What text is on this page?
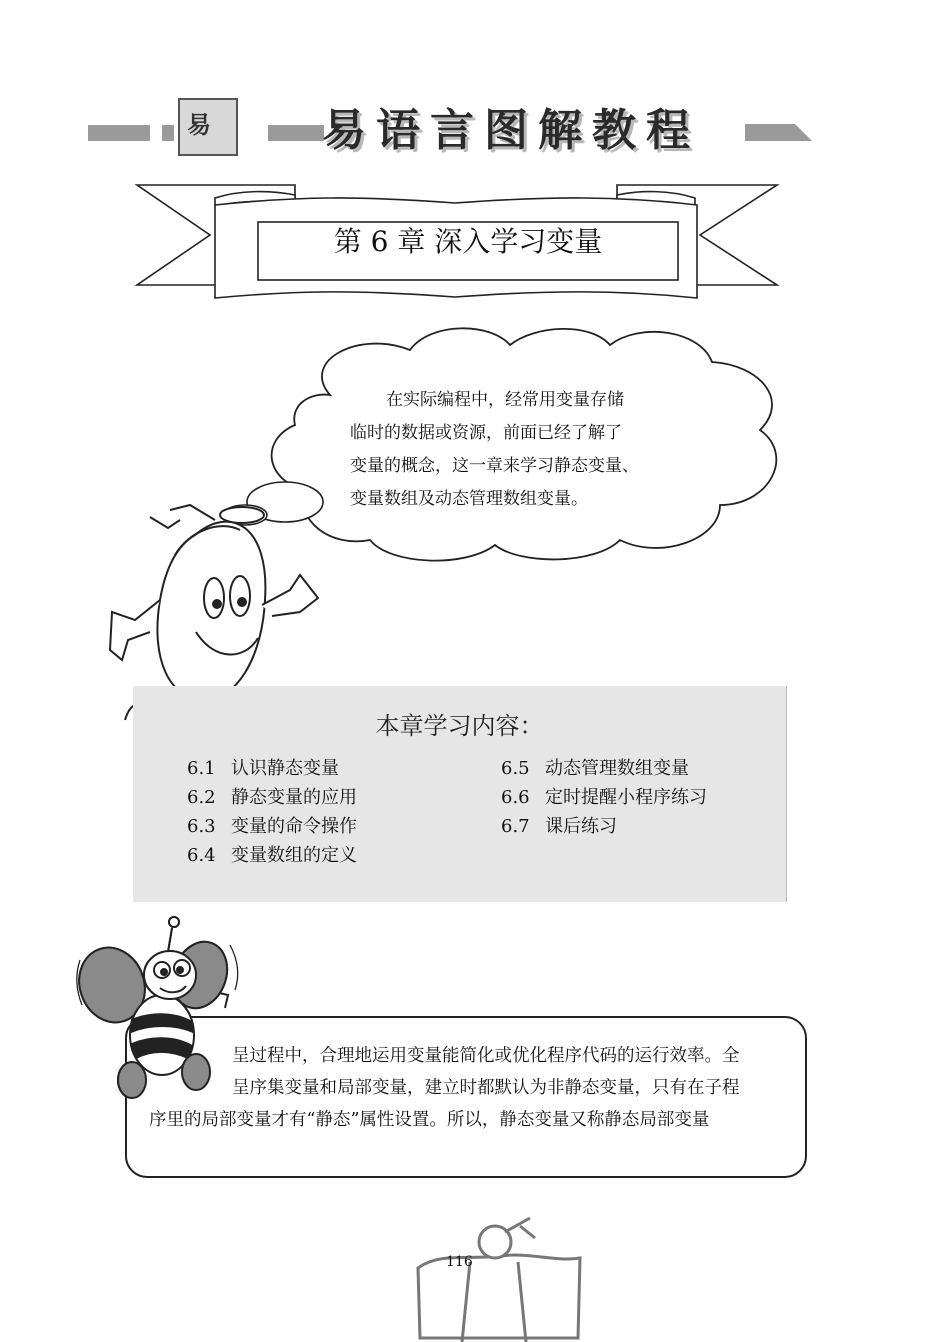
易	易语言图解教程
第 6 章 深入学习变量

在实际编程中，经常用变量存储

临时的数据或资源，前面已经了解了

变量的概念，这一章来学习静态变量、

变量数组及动态管理数组变量。

本章学习内容：
6.1 认识静态变量
6.2 静态变量的应用
6.3 变量的命令操作
6.4 变量数组的定义
6.5 动态管理数组变量
6.6 定时提醒小程序练习
6.7 课后练习
呈过程中，合理地运用变量能简化或优化程序代码的运行效率。全
呈序集变量和局部变量，建立时都默认为非静态变量，只有在子程
序里的局部变量才有“静态”属性设置。所以，静态变量又称静态局部变量
116
